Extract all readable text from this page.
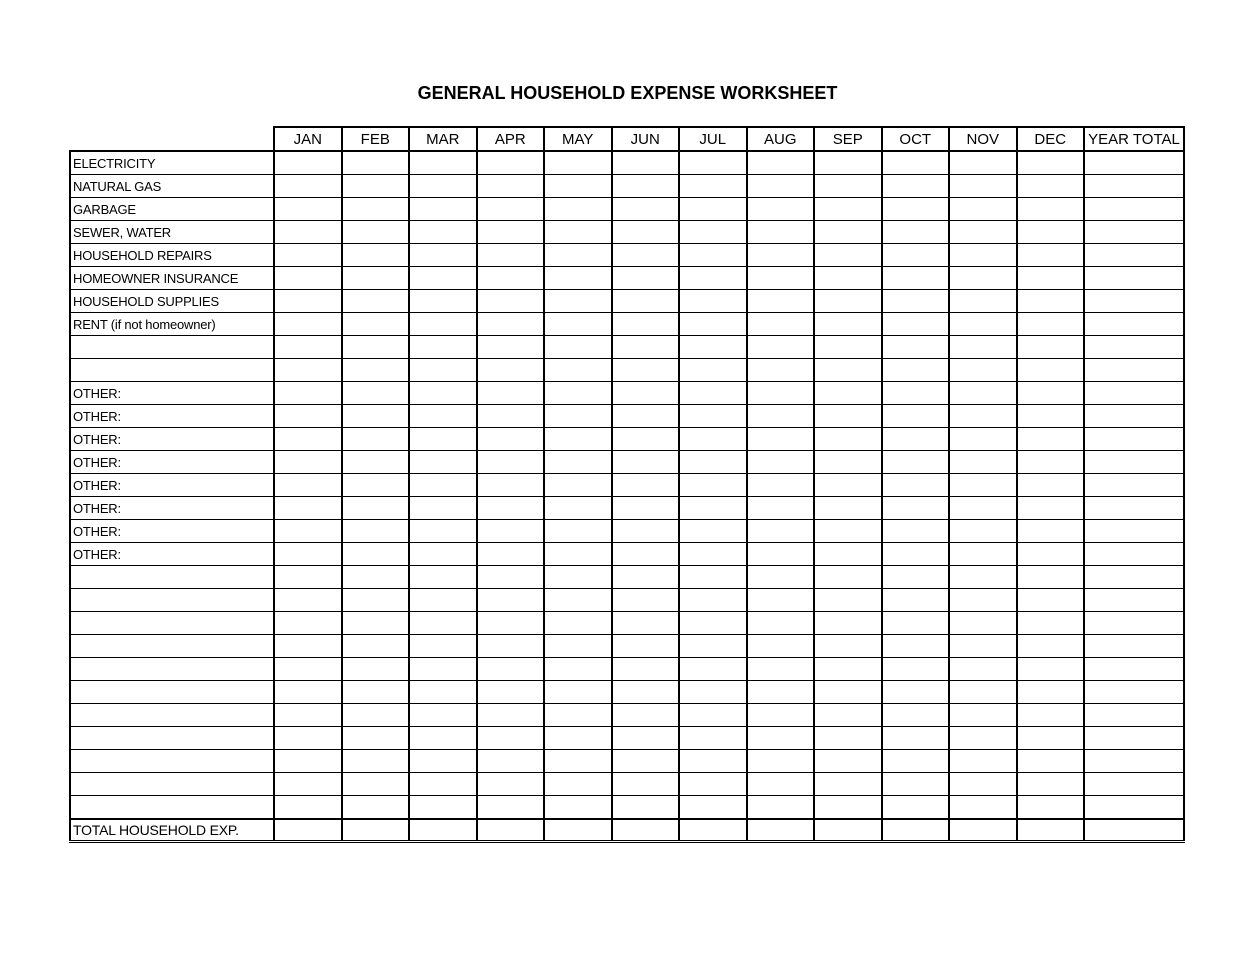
GENERAL HOUSEHOLD EXPENSE WORKSHEET
	JAN	FEB	MAR	APR	MAY	JUN	JUL	AUG	SEP	OCT	NOV	DEC	YEAR TOTAL
ELECTRICITY													
NATURAL GAS													
GARBAGE													
SEWER, WATER													
HOUSEHOLD REPAIRS													
HOMEOWNER INSURANCE													
HOUSEHOLD SUPPLIES													
RENT (if not homeowner)													

OTHER:													
OTHER:													
OTHER:													
OTHER:													
OTHER:													
OTHER:													
OTHER:													
OTHER:													

TOTAL HOUSEHOLD EXP.													
